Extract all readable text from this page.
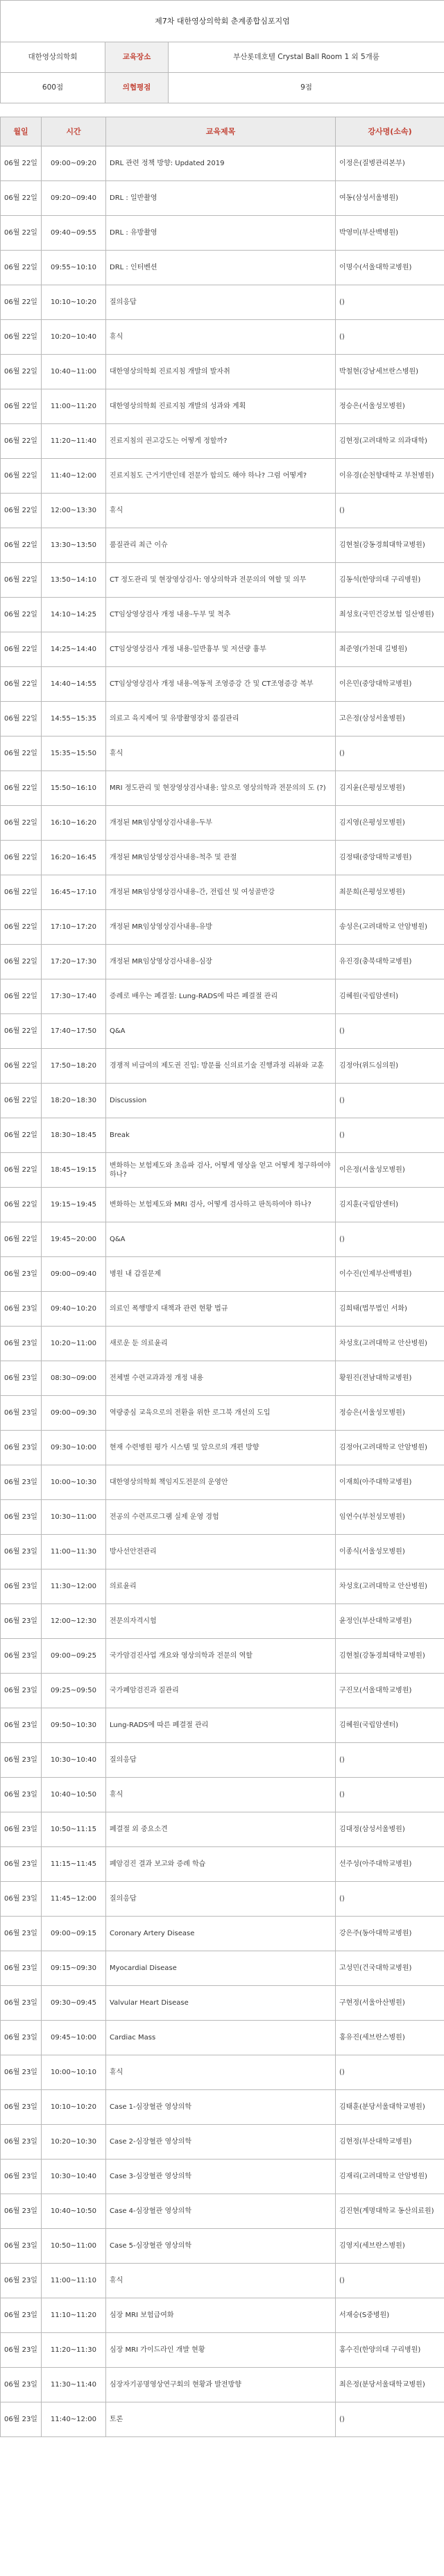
제7차 대한영상의학회 춘계종합심포지엄		
대한영상의학회	교육장소	부산롯데호텔 Crystal Ball Room 1 외 5개룸
600점	의협평점	9점
월일	시간	교육제목	강사명(소속)
06월 22일	09:00~09:20	DRL 관련 정책 방향: Updated 2019	이정은(질병관리본부)
06월 22일	09:20~09:40	DRL : 일반촬영	여동(삼성서울병원)
06월 22일	09:40~09:55	DRL : 유방촬영	박영미(부산백병원)
06월 22일	09:55~10:10	DRL : 인터벤션	이명수(서울대학교병원)
06월 22일	10:10~10:20	질의응답	()
06월 22일	10:20~10:40	휴식	()
06월 22일	10:40~11:00	대한영상의학회 진료지침 개발의 발자취	박철현(강남세브란스병원)
06월 22일	11:00~11:20	대한영상의학회 진료지침 개발의 성과와 계획	정승은(서울성모병원)
06월 22일	11:20~11:40	진료지침의 권고강도는 어떻게 정할까?	김현정(고려대학교 의과대학)
06월 22일	11:40~12:00	진료지침도 근거기반인데 전문가 합의도 해야 하나? 그럼 어떻게?	이유경(순천향대학교 부천병원)
06월 22일	12:00~13:30	휴식	()
06월 22일	13:30~13:50	품질관리 최근 이슈	김현철(강동경희대학교병원)
06월 22일	13:50~14:10	CT 정도관리 및 현장영상검사: 영상의학과 전문의의 역할 및 의무	김동석(한양의대 구리병원)
06월 22일	14:10~14:25	CT임상영상검사 개정 내용-두부 및 척추	최성호(국민건강보험 일산병원)
06월 22일	14:25~14:40	CT임상영상검사 개정 내용-일반흉부 및 저선량 흉부	최준영(가천대 길병원)
06월 22일	14:40~14:55	CT임상영상검사 개정 내용-역동적 조영증강 간 및 CT조영증강 복부	이은민(중앙대학교병원)
06월 22일	14:55~15:35	의료고 육지제어 및 유방촬영장치 품질관리	고은정(삼성서울병원)
06월 22일	15:35~15:50	휴식	()
06월 22일	15:50~16:10	MRI 정도관리 및 현장영상검사내용: 앞으로 영상의학과 전문의의 도 (?)	김지윤(은평성모병원)
06월 22일	16:10~16:20	개정된 MR임상영상검사내용-두부	김지영(은평성모병원)
06월 22일	16:20~16:45	개정된 MR임상영상검사내용-척추 및 관절	김정태(중앙대학교병원)
06월 22일	16:45~17:10	개정된 MR임상영상검사내용-간, 전립선 및 여성골반강	최문희(은평성모병원)
06월 22일	17:10~17:20	개정된 MR임상영상검사내용-유방	송성은(고려대학교 안암병원)
06월 22일	17:20~17:30	개정된 MR임상영상검사내용-심장	유진경(충북대학교병원)
06월 22일	17:30~17:40	증례로 배우는 폐결절: Lung-RADS에 따른 폐결절 관리	김혜원(국립암센터)
06월 22일	17:40~17:50	Q&A	()
06월 22일	17:50~18:20	경쟁적 비급여의 제도권 진입: 방문률 신의료기술 진행과정 리뷰와 교훈	김정아(위드심의원)
06월 22일	18:20~18:30	Discussion	()
06월 22일	18:30~18:45	Break	()
06월 22일	18:45~19:15	변화하는 보험제도와 초음파 검사, 어떻게 영상을 얻고 어떻게 청구하여야 하나?	이은정(서울성모병원)
06월 22일	19:15~19:45	변화하는 보험제도와 MRI 검사, 어떻게 검사하고 판독하여야 하나?	김지훈(국립암센터)
06월 22일	19:45~20:00	Q&A	()
06월 23일	09:00~09:40	병원 내 갑질문제	이수진(인제부산백병원)
06월 23일	09:40~10:20	의료인 폭행방지 대책과 관련 현황 법규	김희태(법무법인 서화)
06월 23일	10:20~11:00	새로운 둔 의료윤리	차성호(고려대학교 안산병원)
06월 23일	08:30~09:00	전체별 수련교과과정 개정 내용	황원진(전남대학교병원)
06월 23일	09:00~09:30	역량중심 교육으로의 전환을 위한 로그북 개선의 도입	정승은(서울성모병원)
06월 23일	09:30~10:00	현재 수련병원 평가 시스템 및 앞으로의 개편 방향	김정아(고려대학교 안암병원)
06월 23일	10:00~10:30	대한영상의학회 책임지도전문의 운영안	이재희(아주대학교병원)
06월 23일	10:30~11:00	전공의 수련프로그램 실제 운영 경험	임연수(부천성모병원)
06월 23일	11:00~11:30	방사선안전관리	이종식(서울성모병원)
06월 23일	11:30~12:00	의료윤리	차성호(고려대학교 안산병원)
06월 23일	12:00~12:30	전문의자격시험	윤정인(부산대학교병원)
06월 23일	09:00~09:25	국가암검진사업 개요와 영상의학과 전문의 역할	김현철(강동경희대학교병원)
06월 23일	09:25~09:50	국가폐암검진과 질관리	구진모(서울대학교병원)
06월 23일	09:50~10:30	Lung-RADS에 따른 폐결절 관리	김혜원(국립암센터)
06월 23일	10:30~10:40	질의응답	()
06월 23일	10:40~10:50	휴식	()
06월 23일	10:50~11:15	폐결절 외 중요소견	김대정(삼성서울병원)
06월 23일	11:15~11:45	폐암검진 결과 보고와 증례 학습	선주성(아주대학교병원)
06월 23일	11:45~12:00	질의응답	()
06월 23일	09:00~09:15	Coronary Artery Disease	강은주(동아대학교병원)
06월 23일	09:15~09:30	Myocardial Disease	고성민(건국대학교병원)
06월 23일	09:30~09:45	Valvular Heart Disease	구현정(서울아산병원)
06월 23일	09:45~10:00	Cardiac Mass	홍유진(세브란스병원)
06월 23일	10:00~10:10	휴식	()
06월 23일	10:10~10:20	Case 1-심장혈관 영상의학	김태훈(분당서울대학교병원)
06월 23일	10:20~10:30	Case 2-심장혈관 영상의학	김현정(부산대학교병원)
06월 23일	10:30~10:40	Case 3-심장혈관 영상의학	김재리(고려대학교 안암병원)
06월 23일	10:40~10:50	Case 4-심장혈관 영상의학	김진현(계명대학교 동산의료원)
06월 23일	10:50~11:00	Case 5-심장혈관 영상의학	김영지(세브란스병원)
06월 23일	11:00~11:10	휴식	()
06월 23일	11:10~11:20	심장 MRI 보험급여화	서재승(S중병원)
06월 23일	11:20~11:30	심장 MRI 가이드라인 개발 현황	홍수진(한양의대 구리병원)
06월 23일	11:30~11:40	심장자기공명영상연구회의 현황과 발전방향	최은정(분당서울대학교병원)
06월 23일	11:40~12:00	토론	()
